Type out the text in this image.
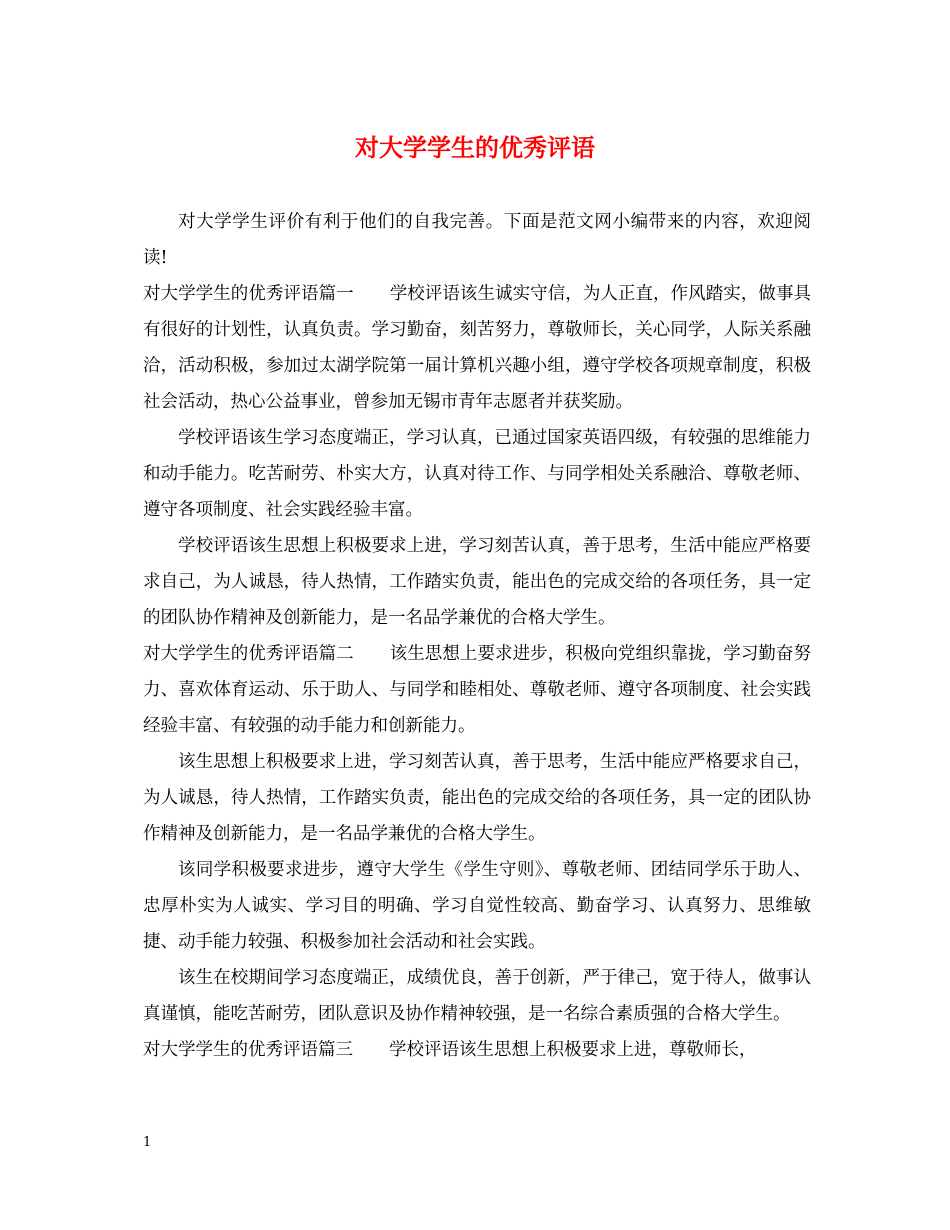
对大学学生的优秀评语

对大学学生评价有利于他们的自我完善。下面是范文网小编带来的内容，欢迎阅读!

对大学学生的优秀评语篇一 学校评语该生诚实守信，为人正直，作风踏实，做事具有很好的计划性，认真负责。学习勤奋，刻苦努力，尊敬师长，关心同学，人际关系融洽，活动积极，参加过太湖学院第一届计算机兴趣小组，遵守学校各项规章制度，积极社会活动，热心公益事业，曾参加无锡市青年志愿者并获奖励。

学校评语该生学习态度端正，学习认真，已通过国家英语四级，有较强的思维能力和动手能力。吃苦耐劳、朴实大方，认真对待工作、与同学相处关系融洽、尊敬老师、遵守各项制度、社会实践经验丰富。

学校评语该生思想上积极要求上进，学习刻苦认真，善于思考，生活中能应严格要求自己，为人诚恳，待人热情，工作踏实负责，能出色的完成交给的各项任务，具一定的团队协作精神及创新能力，是一名品学兼优的合格大学生。

对大学学生的优秀评语篇二 该生思想上要求进步，积极向党组织靠拢，学习勤奋努力、喜欢体育运动、乐于助人、与同学和睦相处、尊敬老师、遵守各项制度、社会实践经验丰富、有较强的动手能力和创新能力。

该生思想上积极要求上进，学习刻苦认真，善于思考，生活中能应严格要求自己，为人诚恳，待人热情，工作踏实负责，能出色的完成交给的各项任务，具一定的团队协作精神及创新能力，是一名品学兼优的合格大学生。

该同学积极要求进步，遵守大学生《学生守则》、尊敬老师、团结同学乐于助人、忠厚朴实为人诚实、学习目的明确、学习自觉性较高、勤奋学习、认真努力、思维敏捷、动手能力较强、积极参加社会活动和社会实践。

该生在校期间学习态度端正，成绩优良，善于创新，严于律己，宽于待人，做事认真谨慎，能吃苦耐劳，团队意识及协作精神较强，是一名综合素质强的合格大学生。

对大学学生的优秀评语篇三 学校评语该生思想上积极要求上进，尊敬师长，

1
